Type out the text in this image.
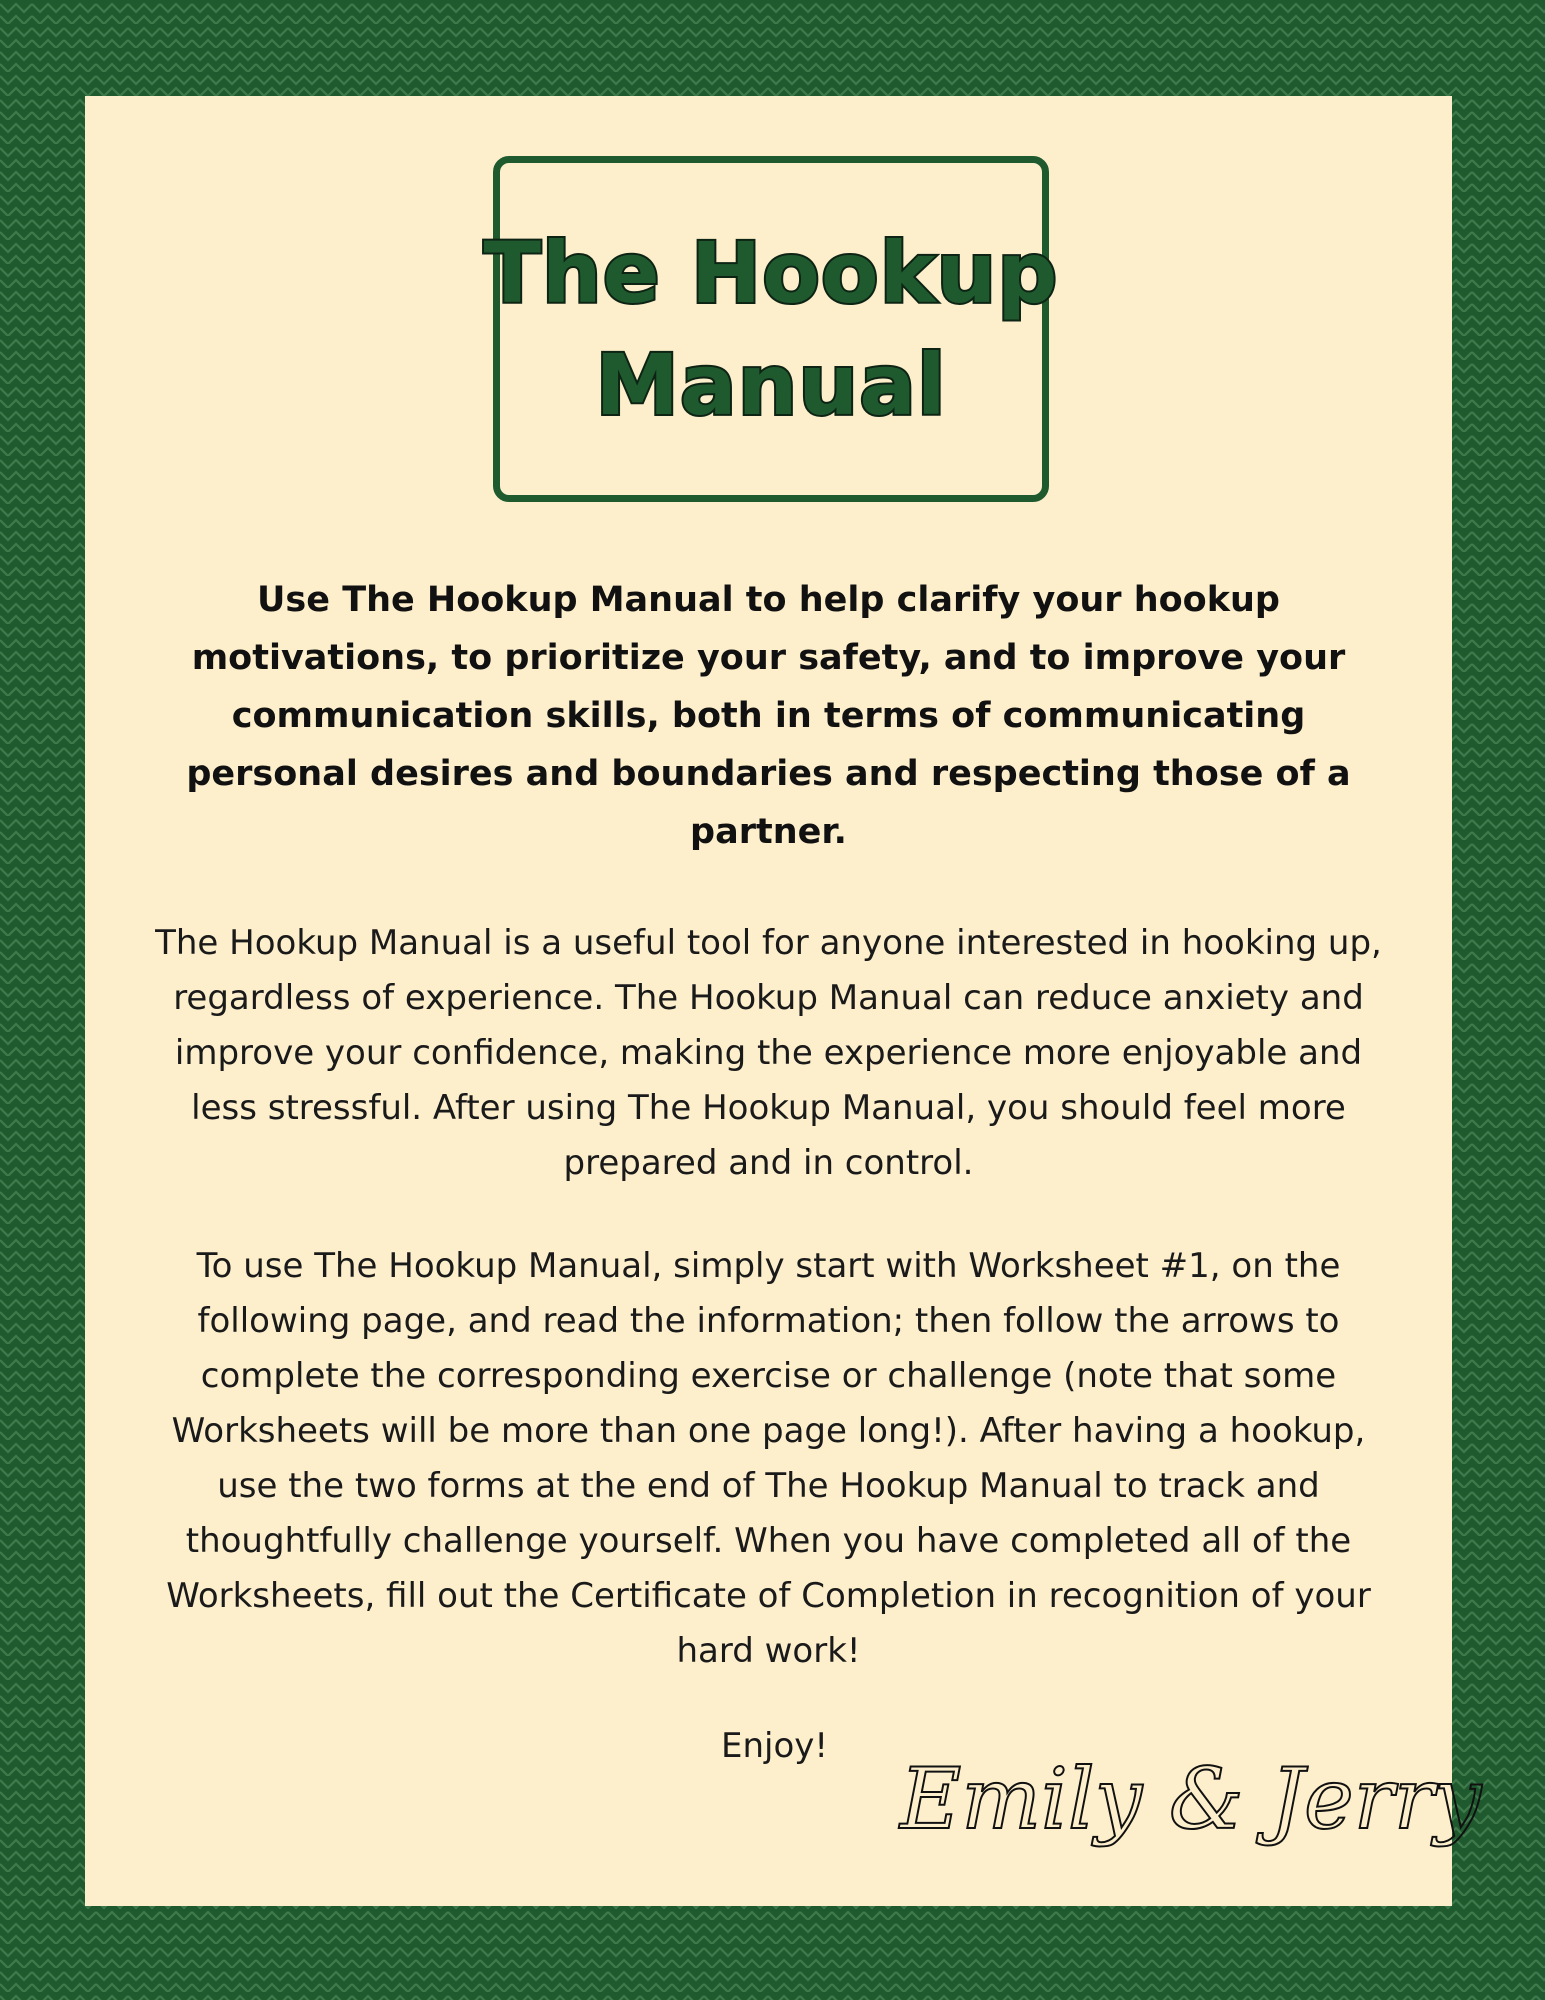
The Hookup
Manual
Use The Hookup Manual to help clarify your hookup motivations, to prioritize your safety, and to improve your communication skills, both in terms of communicating personal desires and boundaries and respecting those of a partner.
The Hookup Manual is a useful tool for anyone interested in hooking up, regardless of experience. The Hookup Manual can reduce anxiety and improve your confidence, making the experience more enjoyable and less stressful. After using The Hookup Manual, you should feel more prepared and in control.
To use The Hookup Manual, simply start with Worksheet #1, on the following page, and read the information; then follow the arrows to complete the corresponding exercise or challenge (note that some Worksheets will be more than one page long!). After having a hookup, use the two forms at the end of The Hookup Manual to track and thoughtfully challenge yourself. When you have completed all of the Worksheets, fill out the Certificate of Completion in recognition of your hard work!
Enjoy!
Emily & Jerry
